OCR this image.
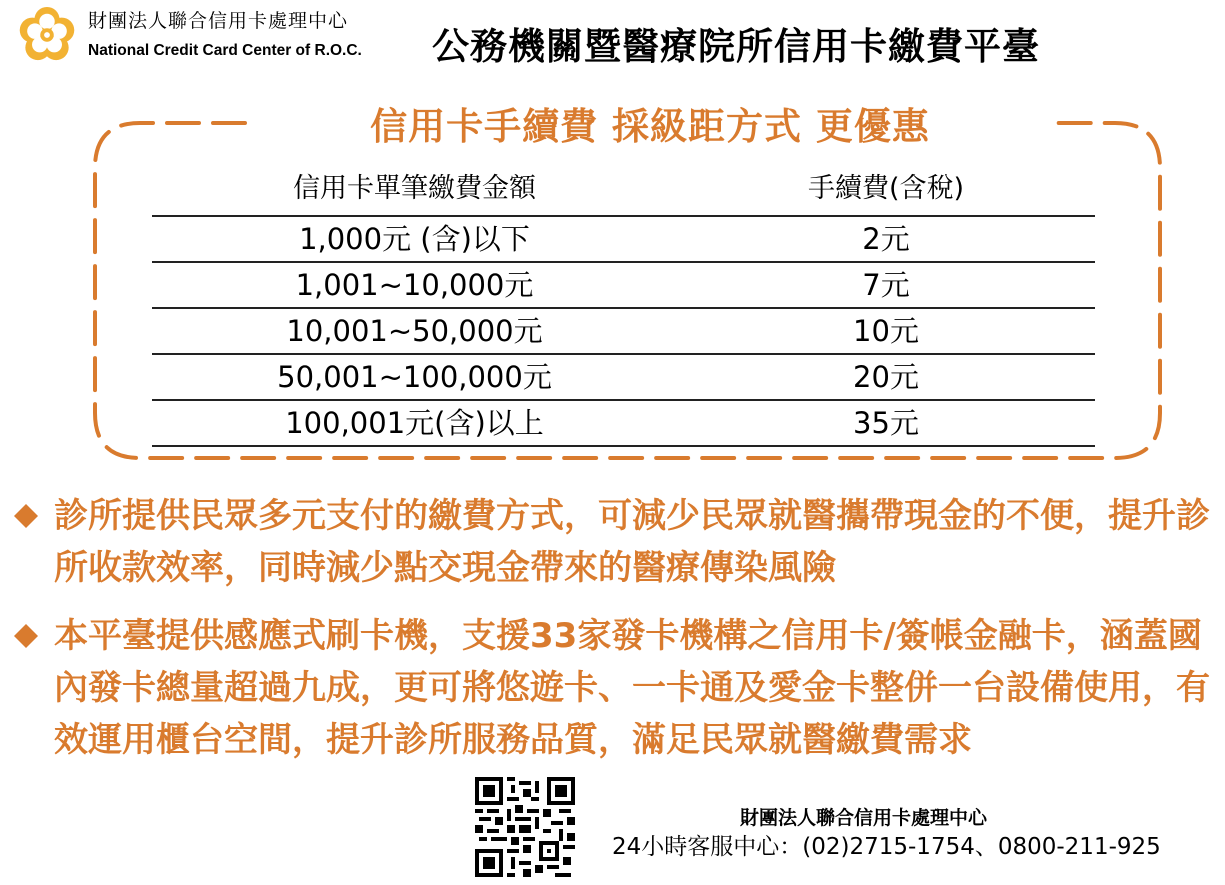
財團法人聯合信用卡處理中心
National Credit Card Center of R.O.C. 公務機關暨醫療院所信用卡繳費平臺
信用卡手續費 採級距方式 更優惠
信用卡單筆繳費金額	手續費(含稅)
1,000元 (含)以下	2元
1,001~10,000元	7元
10,001~50,000元	10元
50,001~100,000元	20元
100,001元(含)以上	35元
診所提供民眾多元支付的繳費方式，可減少民眾就醫攜帶現金的不便，提升診所收款效率，同時減少點交現金帶來的醫療傳染風險
本平臺提供感應式刷卡機，支援33家發卡機構之信用卡/簽帳金融卡，涵蓋國內發卡總量超過九成，更可將悠遊卡、一卡通及愛金卡整併一台設備使用，有效運用櫃台空間，提升診所服務品質，滿足民眾就醫繳費需求
財團法人聯合信用卡處理中心
24小時客服中心：(02)2715-1754、0800-211-925
